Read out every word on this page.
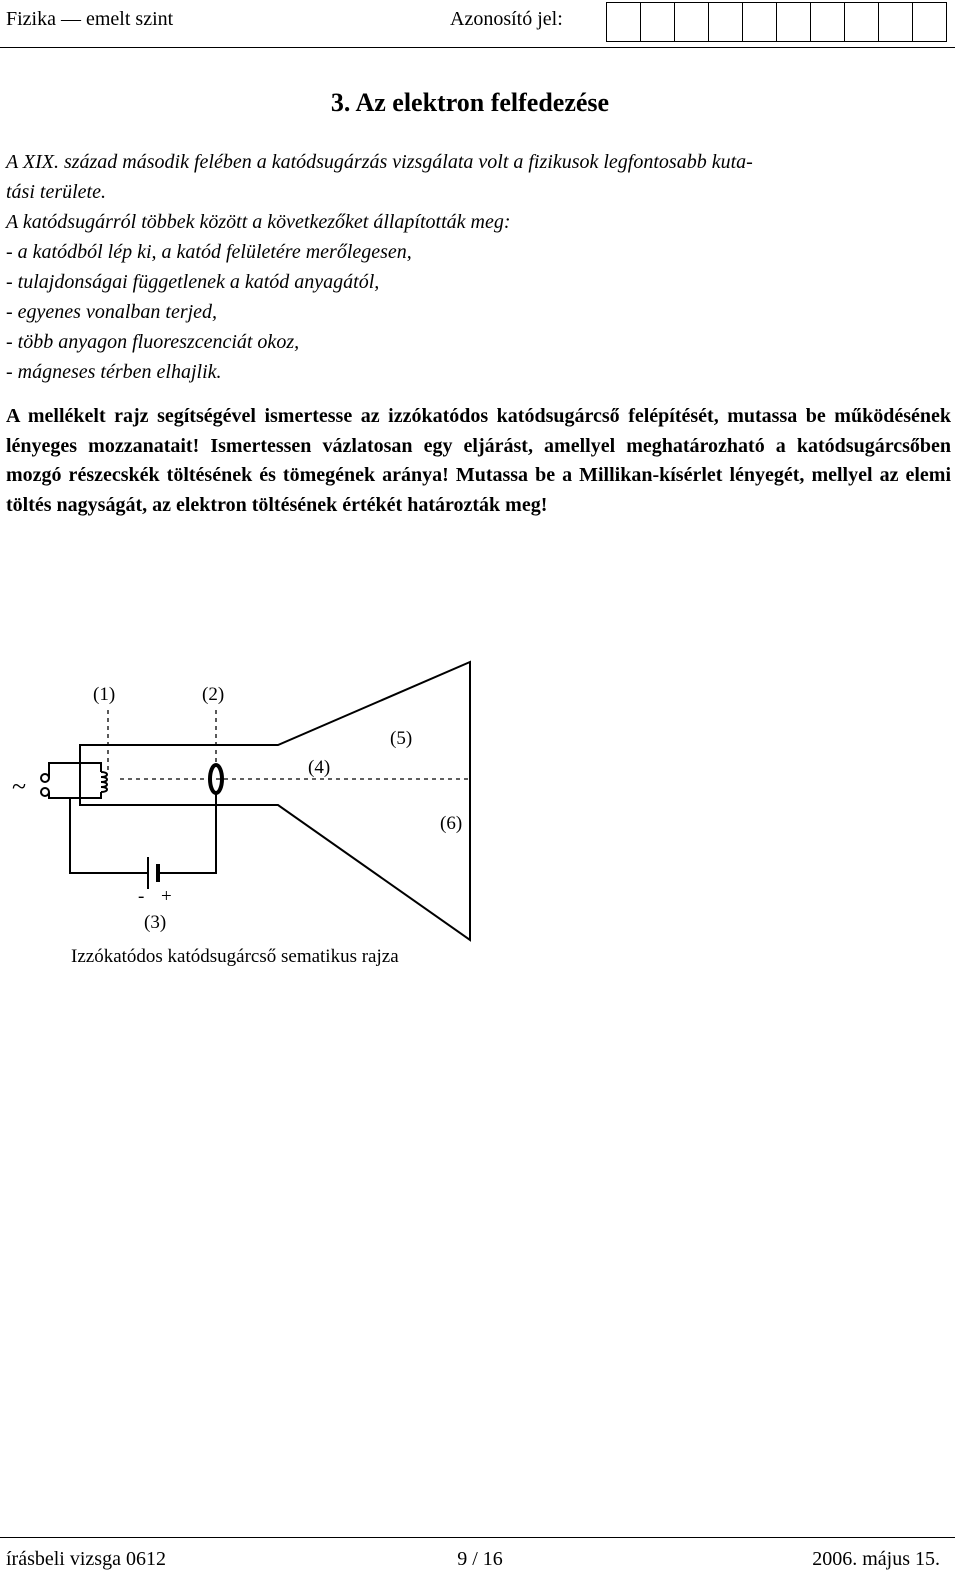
Fizika — emelt szint	Azonosító jel:
3. Az elektron felfedezése

A XIX. század második felében a katódsugárzás vizsgálata volt a fizikusok legfontosabb kuta-

tási területe.

A katódsugárról többek között a következőket állapították meg:

- a katódból lép ki, a katód felületére merőlegesen,

- tulajdonságai függetlenek a katód anyagától,

- egyenes vonalban terjed,

- több anyagon fluoreszcenciát okoz,

- mágneses térben elhajlik.

A mellékelt rajz segítségével ismertesse az izzókatódos katódsugárcső felépítését, mutassa be működésének lényeges mozzanatait! Ismertessen vázlatosan egy eljárást, amellyel meghatározható a katódsugárcsőben mozgó részecskék töltésének és tömegének aránya! Mutassa be a Millikan-kísérlet lényegét, mellyel az elemi töltés nagyságát, az elektron töltésének értékét határozták meg!
(1)	(2)
(5)
(4)
(6)
~
- +
(3)
Izzókatódos katódsugárcső sematikus rajza
írásbeli vizsga 0612	9 / 16	2006. május 15.
